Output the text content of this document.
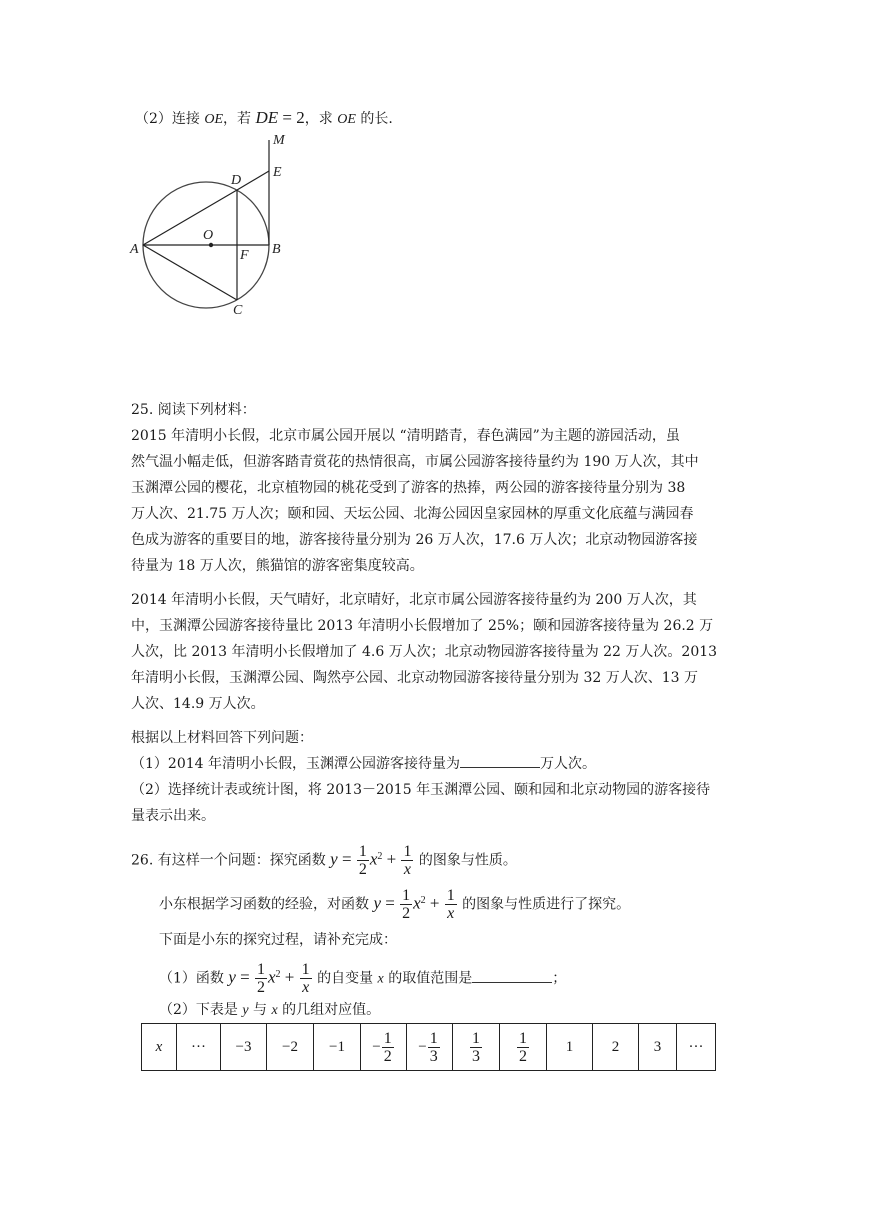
（2）连接 OE，若 DE = 2，求 OE 的长.
M
E
D
O
A	F B
C
25. 阅读下列材料：
2015 年清明小长假，北京市属公园开展以 “清明踏青，春色满园”为主题的游园活动，虽
然气温小幅走低，但游客踏青赏花的热情很高，市属公园游客接待量约为 190 万人次，其中
玉渊潭公园的樱花，北京植物园的桃花受到了游客的热捧，两公园的游客接待量分别为 38
万人次、21.75 万人次；颐和园、天坛公园、北海公园因皇家园林的厚重文化底蕴与满园春
色成为游客的重要目的地，游客接待量分别为 26 万人次，17.6 万人次；北京动物园游客接
待量为 18 万人次，熊猫馆的游客密集度较高。
2014 年清明小长假，天气晴好，北京晴好，北京市属公园游客接待量约为 200 万人次，其
中，玉渊潭公园游客接待量比 2013 年清明小长假增加了 25%；颐和园游客接待量为 26.2 万
人次，比 2013 年清明小长假增加了 4.6 万人次；北京动物园游客接待量为 22 万人次。2013
年清明小长假，玉渊潭公园、陶然亭公园、北京动物园游客接待量分别为 32 万人次、13 万
人次、14.9 万人次。
根据以上材料回答下列问题：
（1）2014 年清明小长假，玉渊潭公园游客接待量为	万人次。
（2）选择统计表或统计图，将 2013－2015 年玉渊潭公园、颐和园和北京动物园的游客接待
量表示出来。
26. 有这样一个问题：探究函数 $y = \frac{1}{2} x^2 + \frac{1}{x}$ 的图象与性质。
小东根据学习函数的经验，对函数 $y = \frac{1}{2} x^2 + \frac{1}{x}$ 的图象与性质进行了探究。
下面是小东的探究过程，请补充完成：
（1）函数 $y = \frac{1}{2} x^2 + \frac{1}{x}$ 的自变量 x 的取值范围是	；
（2）下表是 y 与 x 的几组对应值。
x	···	−3	−2	−1	− $\frac{1}{2}$	− $\frac{1}{3}$	$\frac{1}{3}$	$\frac{1}{2}$	1	2	3	···
